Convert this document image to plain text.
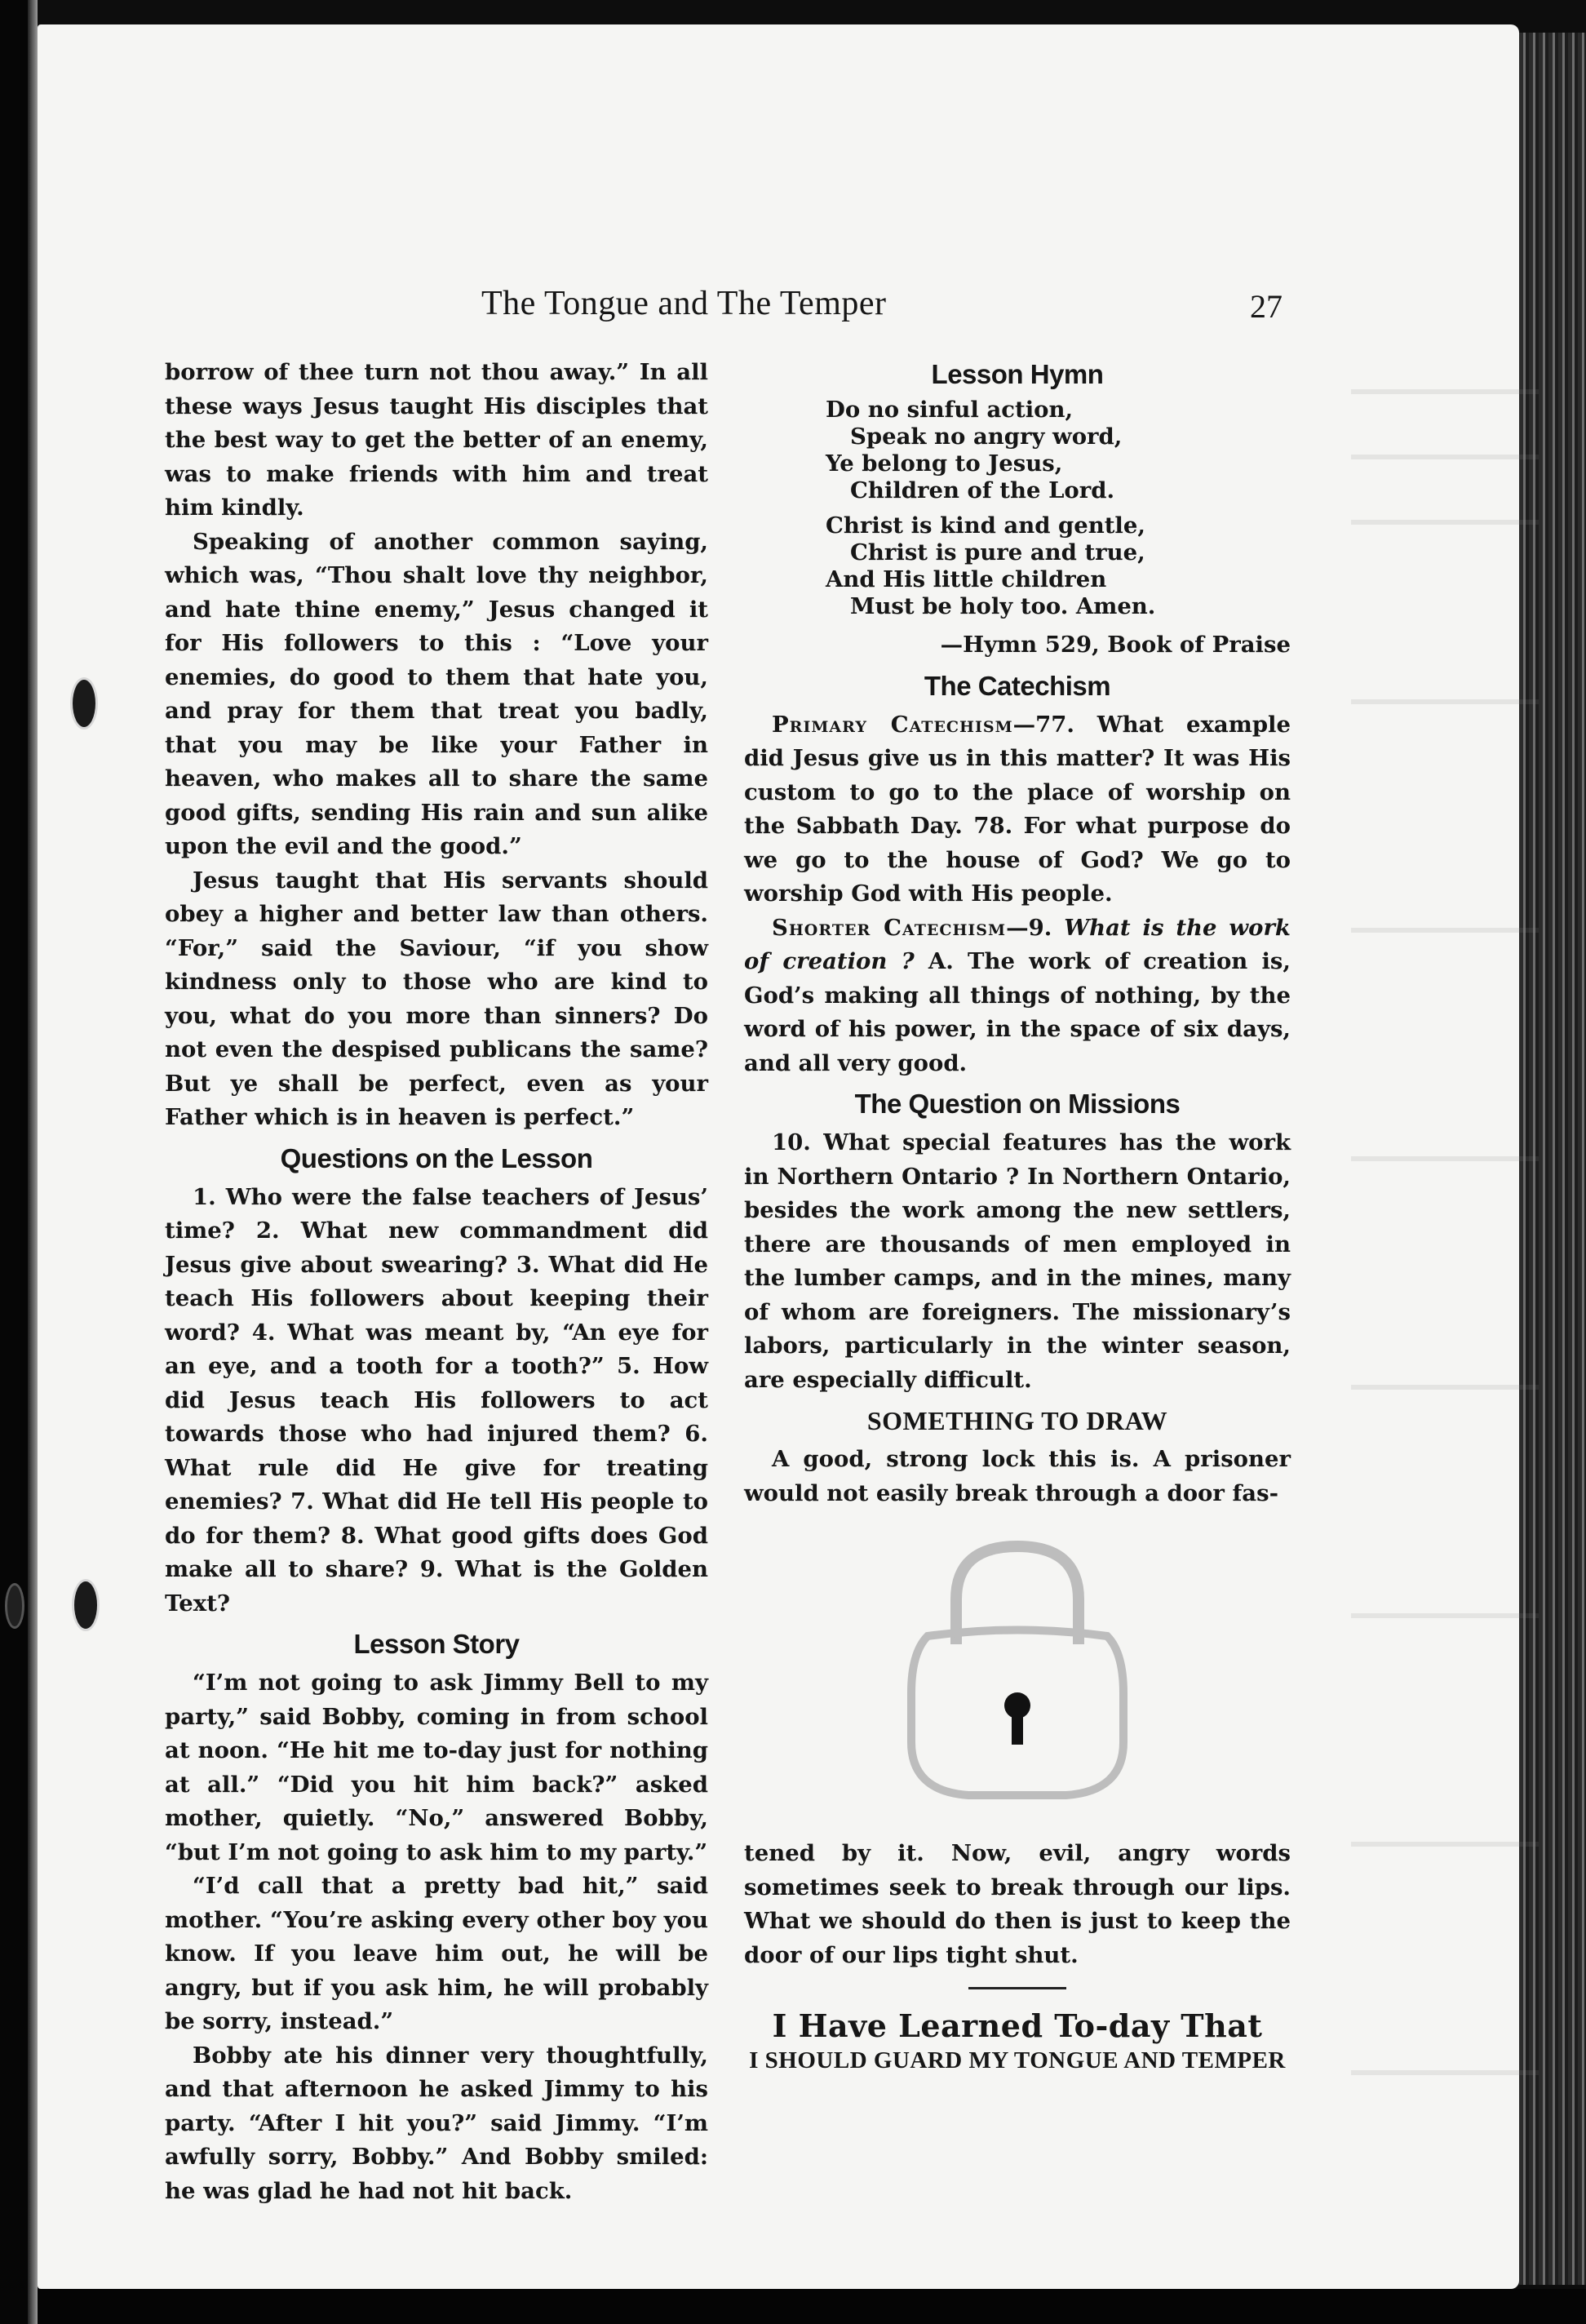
The Tongue and The Temper	27

borrow of thee turn not thou away.” In all these ways Jesus taught His disciples that the best way to get the better of an enemy, was to make friends with him and treat him kindly.

Speaking of another common saying, which was, “Thou shalt love thy neighbor, and hate thine enemy,” Jesus changed it for His followers to this : “Love your enemies, do good to them that hate you, and pray for them that treat you badly, that you may be like your Father in heaven, who makes all to share the same good gifts, sending His rain and sun alike upon the evil and the good.”

Jesus taught that His servants should obey a higher and better law than others. “For,” said the Saviour, “if you show kindness only to those who are kind to you, what do you more than sinners? Do not even the despised publicans the same? But ye shall be perfect, even as your Father which is in heaven is perfect.”

Questions on the Lesson

1. Who were the false teachers of Jesus’ time? 2. What new commandment did Jesus give about swearing? 3. What did He teach His followers about keeping their word? 4. What was meant by, “An eye for an eye, and a tooth for a tooth?” 5. How did Jesus teach His followers to act towards those who had injured them? 6. What rule did He give for treating enemies? 7. What did He tell His people to do for them? 8. What good gifts does God make all to share? 9. What is the Golden Text?

Lesson Story

“I’m not going to ask Jimmy Bell to my party,” said Bobby, coming in from school at noon. “He hit me to-day just for nothing at all.” “Did you hit him back?” asked mother, quietly. “No,” answered Bobby, “but I’m not going to ask him to my party.”

“I’d call that a pretty bad hit,” said mother. “You’re asking every other boy you know. If you leave him out, he will be angry, but if you ask him, he will probably be sorry, instead.”

Bobby ate his dinner very thoughtfully, and that afternoon he asked Jimmy to his party. “After I hit you?” said Jimmy. “I’m awfully sorry, Bobby.” And Bobby smiled: he was glad he had not hit back.

Lesson Hymn
Do no sinful action,
Speak no angry word,
Ye belong to Jesus,
Children of the Lord.
Christ is kind and gentle,
Christ is pure and true,
And His little children
Must be holy too. Amen.
—Hymn 529, Book of Praise
The Catechism

Primary Catechism—77. What example did Jesus give us in this matter? It was His custom to go to the place of worship on the Sabbath Day. 78. For what purpose do we go to the house of God? We go to worship God with His people.

Shorter Catechism—9. What is the work of creation ? A. The work of creation is, God’s making all things of nothing, by the word of his power, in the space of six days, and all very good.

The Question on Missions

10. What special features has the work in Northern Ontario ? In Northern Ontario, besides the work among the new settlers, there are thousands of men employed in the lumber camps, and in the mines, many of whom are foreigners. The missionary’s labors, particularly in the winter season, are especially difficult.

SOMETHING TO DRAW

A good, strong lock this is. A prisoner would not easily break through a door fas-

tened by it. Now, evil, angry words sometimes seek to break through our lips. What we should do then is just to keep the door of our lips tight shut.

I Have Learned To-day That
I SHOULD GUARD MY TONGUE AND TEMPER
